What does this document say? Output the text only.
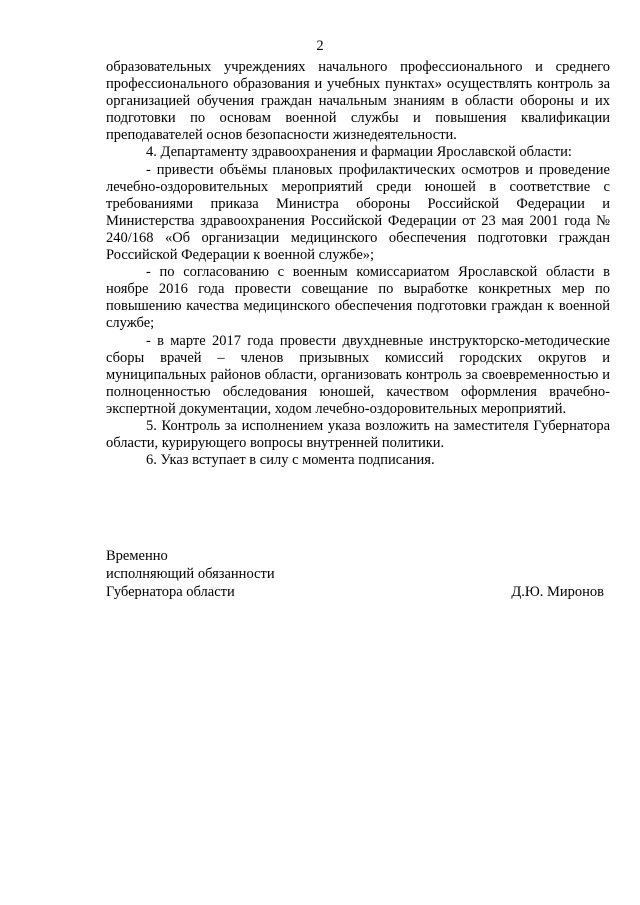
2

образовательных учреждениях начального профессионального и среднего профессионального образования и учебных пунктах» осуществлять контроль за организацией обучения граждан начальным знаниям в области обороны и их подготовки по основам военной службы и повышения квалификации преподавателей основ безопасности жизнедеятельности.

4. Департаменту здравоохранения и фармации Ярославской области:

- привести объёмы плановых профилактических осмотров и проведение лечебно-оздоровительных мероприятий среди юношей в соответствие с требованиями приказа Министра обороны Российской Федерации и Министерства здравоохранения Российской Федерации от 23 мая 2001 года № 240/168 «Об организации медицинского обеспечения подготовки граждан Российской Федерации к военной службе»;

- по согласованию с военным комиссариатом Ярославской области в ноябре 2016 года провести совещание по выработке конкретных мер по повышению качества медицинского обеспечения подготовки граждан к военной службе;

- в марте 2017 года провести двухдневные инструкторско-методические сборы врачей – членов призывных комиссий городских округов и муниципальных районов области, организовать контроль за своевременностью и полноценностью обследования юношей, качеством оформления врачебно-экспертной документации, ходом лечебно-оздоровительных мероприятий.

5. Контроль за исполнением указа возложить на заместителя Губернатора области, курирующего вопросы внутренней политики.

6. Указ вступает в силу с момента подписания.

Временно
исполняющий обязанности
Губернатора области	Д.Ю. Миронов
